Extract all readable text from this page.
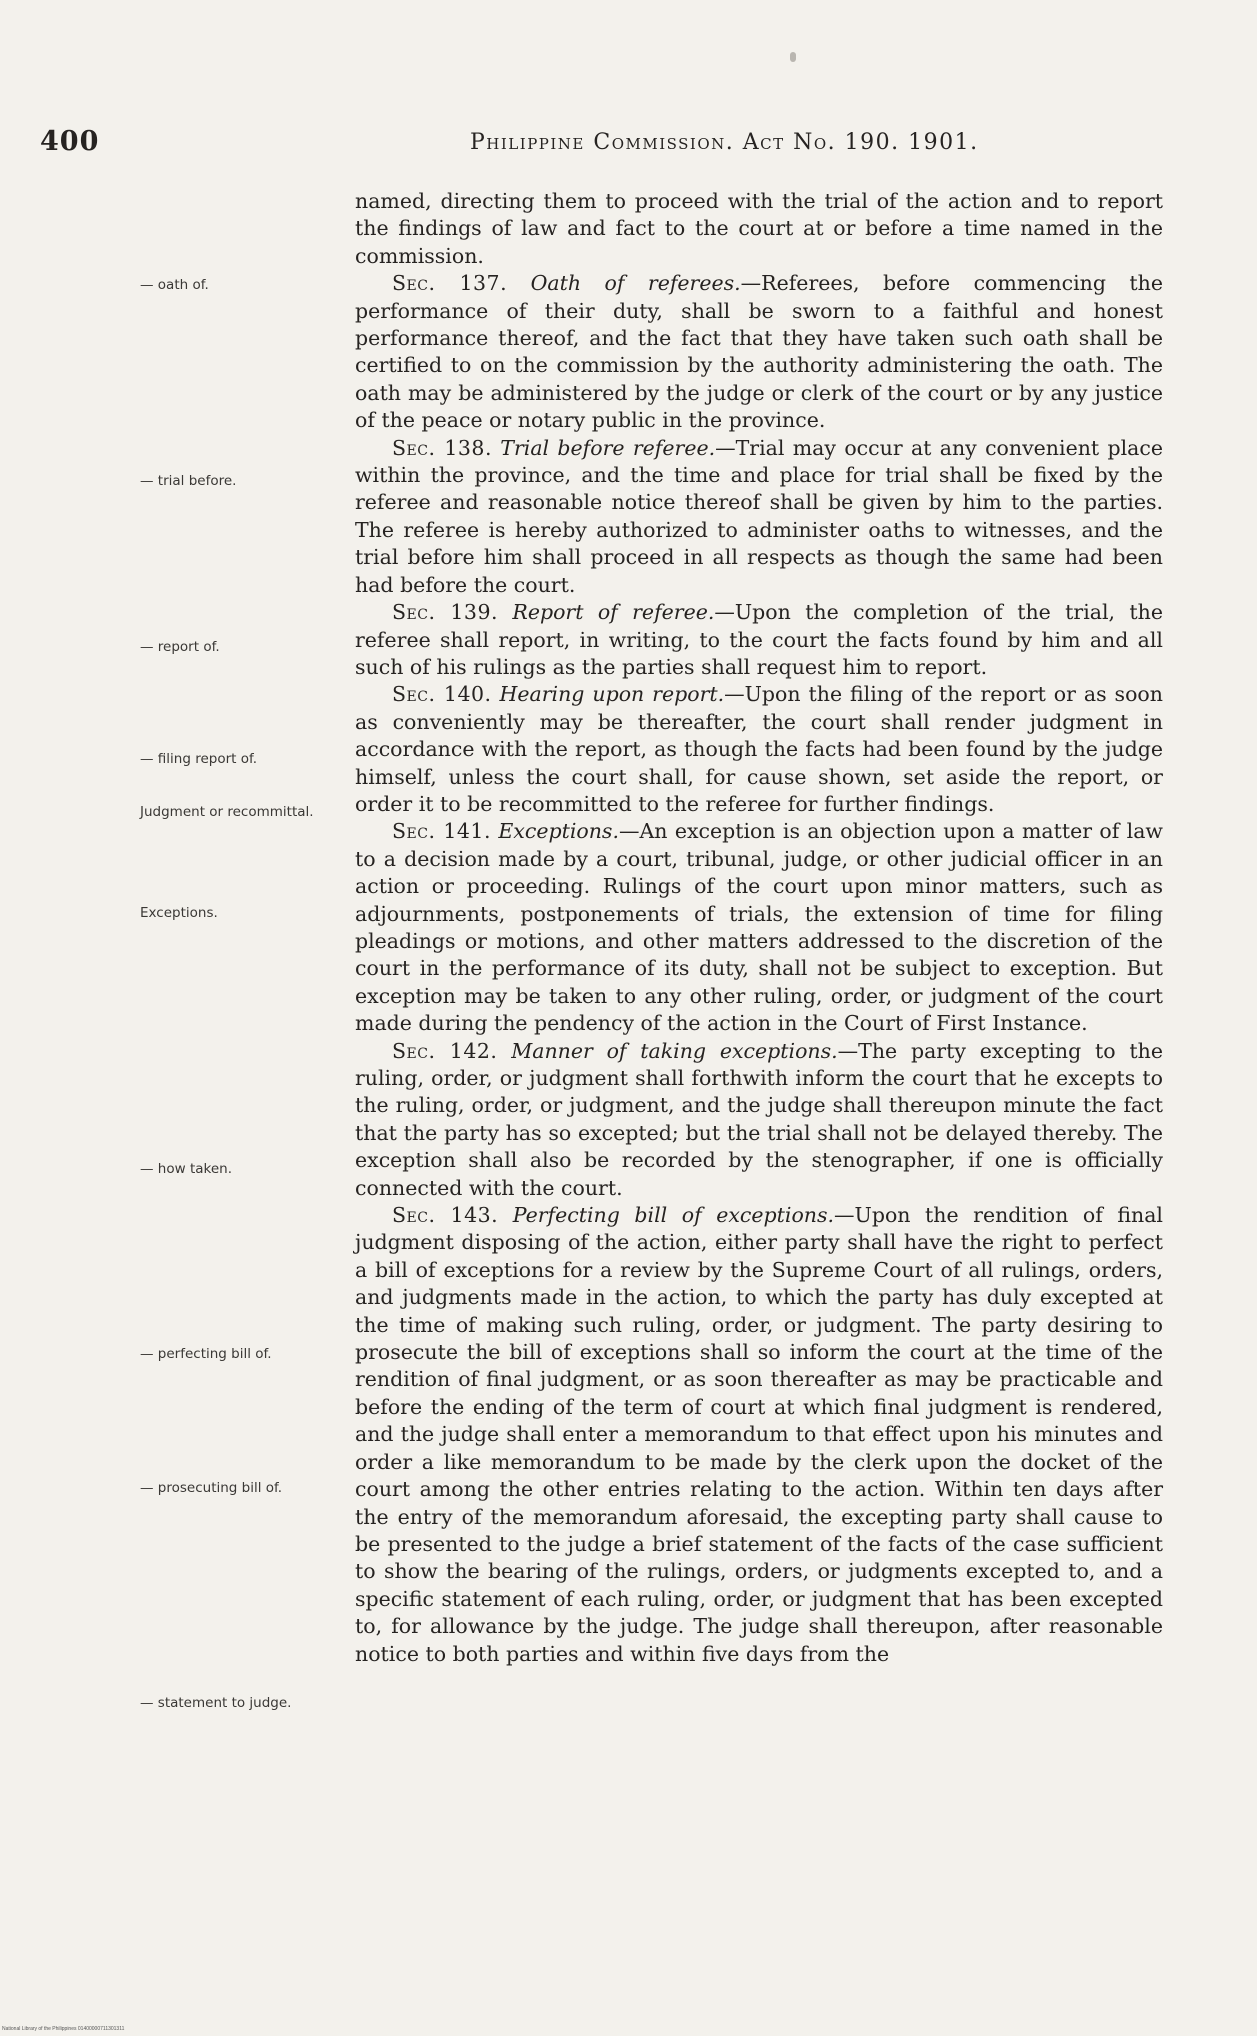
400	Philippine Commission. Act No. 190. 1901.
— oath of.
— trial before.
— report of.
— filing report of.
Judgment or recommittal.
Exceptions.
— how taken.
— perfecting bill of.
— prosecuting bill of.
— statement to judge.

named, directing them to proceed with the trial of the action and to report the findings of law and fact to the court at or before a time named in the commission.

Sec. 137. Oath of referees.—Referees, before commencing the performance of their duty, shall be sworn to a faithful and honest performance thereof, and the fact that they have taken such oath shall be certified to on the commission by the authority administering the oath. The oath may be administered by the judge or clerk of the court or by any justice of the peace or notary public in the province.

Sec. 138. Trial before referee.—Trial may occur at any convenient place within the province, and the time and place for trial shall be fixed by the referee and reasonable notice thereof shall be given by him to the parties. The referee is hereby authorized to administer oaths to witnesses, and the trial before him shall proceed in all respects as though the same had been had before the court.

Sec. 139. Report of referee.—Upon the completion of the trial, the referee shall report, in writing, to the court the facts found by him and all such of his rulings as the parties shall request him to report.

Sec. 140. Hearing upon report.—Upon the filing of the report or as soon as conveniently may be thereafter, the court shall render judgment in accordance with the report, as though the facts had been found by the judge himself, unless the court shall, for cause shown, set aside the report, or order it to be recommitted to the referee for further findings.

Sec. 141. Exceptions.—An exception is an objection upon a matter of law to a decision made by a court, tribunal, judge, or other judicial officer in an action or proceeding. Rulings of the court upon minor matters, such as adjournments, postponements of trials, the extension of time for filing pleadings or motions, and other matters addressed to the discretion of the court in the performance of its duty, shall not be subject to exception. But exception may be taken to any other ruling, order, or judgment of the court made during the pendency of the action in the Court of First Instance.

Sec. 142. Manner of taking exceptions.—The party excepting to the ruling, order, or judgment shall forthwith inform the court that he excepts to the ruling, order, or judgment, and the judge shall thereupon minute the fact that the party has so excepted; but the trial shall not be delayed thereby. The exception shall also be recorded by the stenographer, if one is officially connected with the court.

Sec. 143. Perfecting bill of exceptions.—Upon the rendition of final judgment disposing of the action, either party shall have the right to perfect a bill of exceptions for a review by the Supreme Court of all rulings, orders, and judgments made in the action, to which the party has duly excepted at the time of making such ruling, order, or judgment. The party desiring to prosecute the bill of exceptions shall so inform the court at the time of the rendition of final judgment, or as soon thereafter as may be practicable and before the ending of the term of court at which final judgment is rendered, and the judge shall enter a memorandum to that effect upon his minutes and order a like memorandum to be made by the clerk upon the docket of the court among the other entries relating to the action. Within ten days after the entry of the memorandum aforesaid, the excepting party shall cause to be presented to the judge a brief statement of the facts of the case sufficient to show the bearing of the rulings, orders, or judgments excepted to, and a specific statement of each ruling, order, or judgment that has been excepted to, for allowance by the judge. The judge shall thereupon, after reasonable notice to both parties and within five days from the

National Library of the Philippines 01400000711301311
